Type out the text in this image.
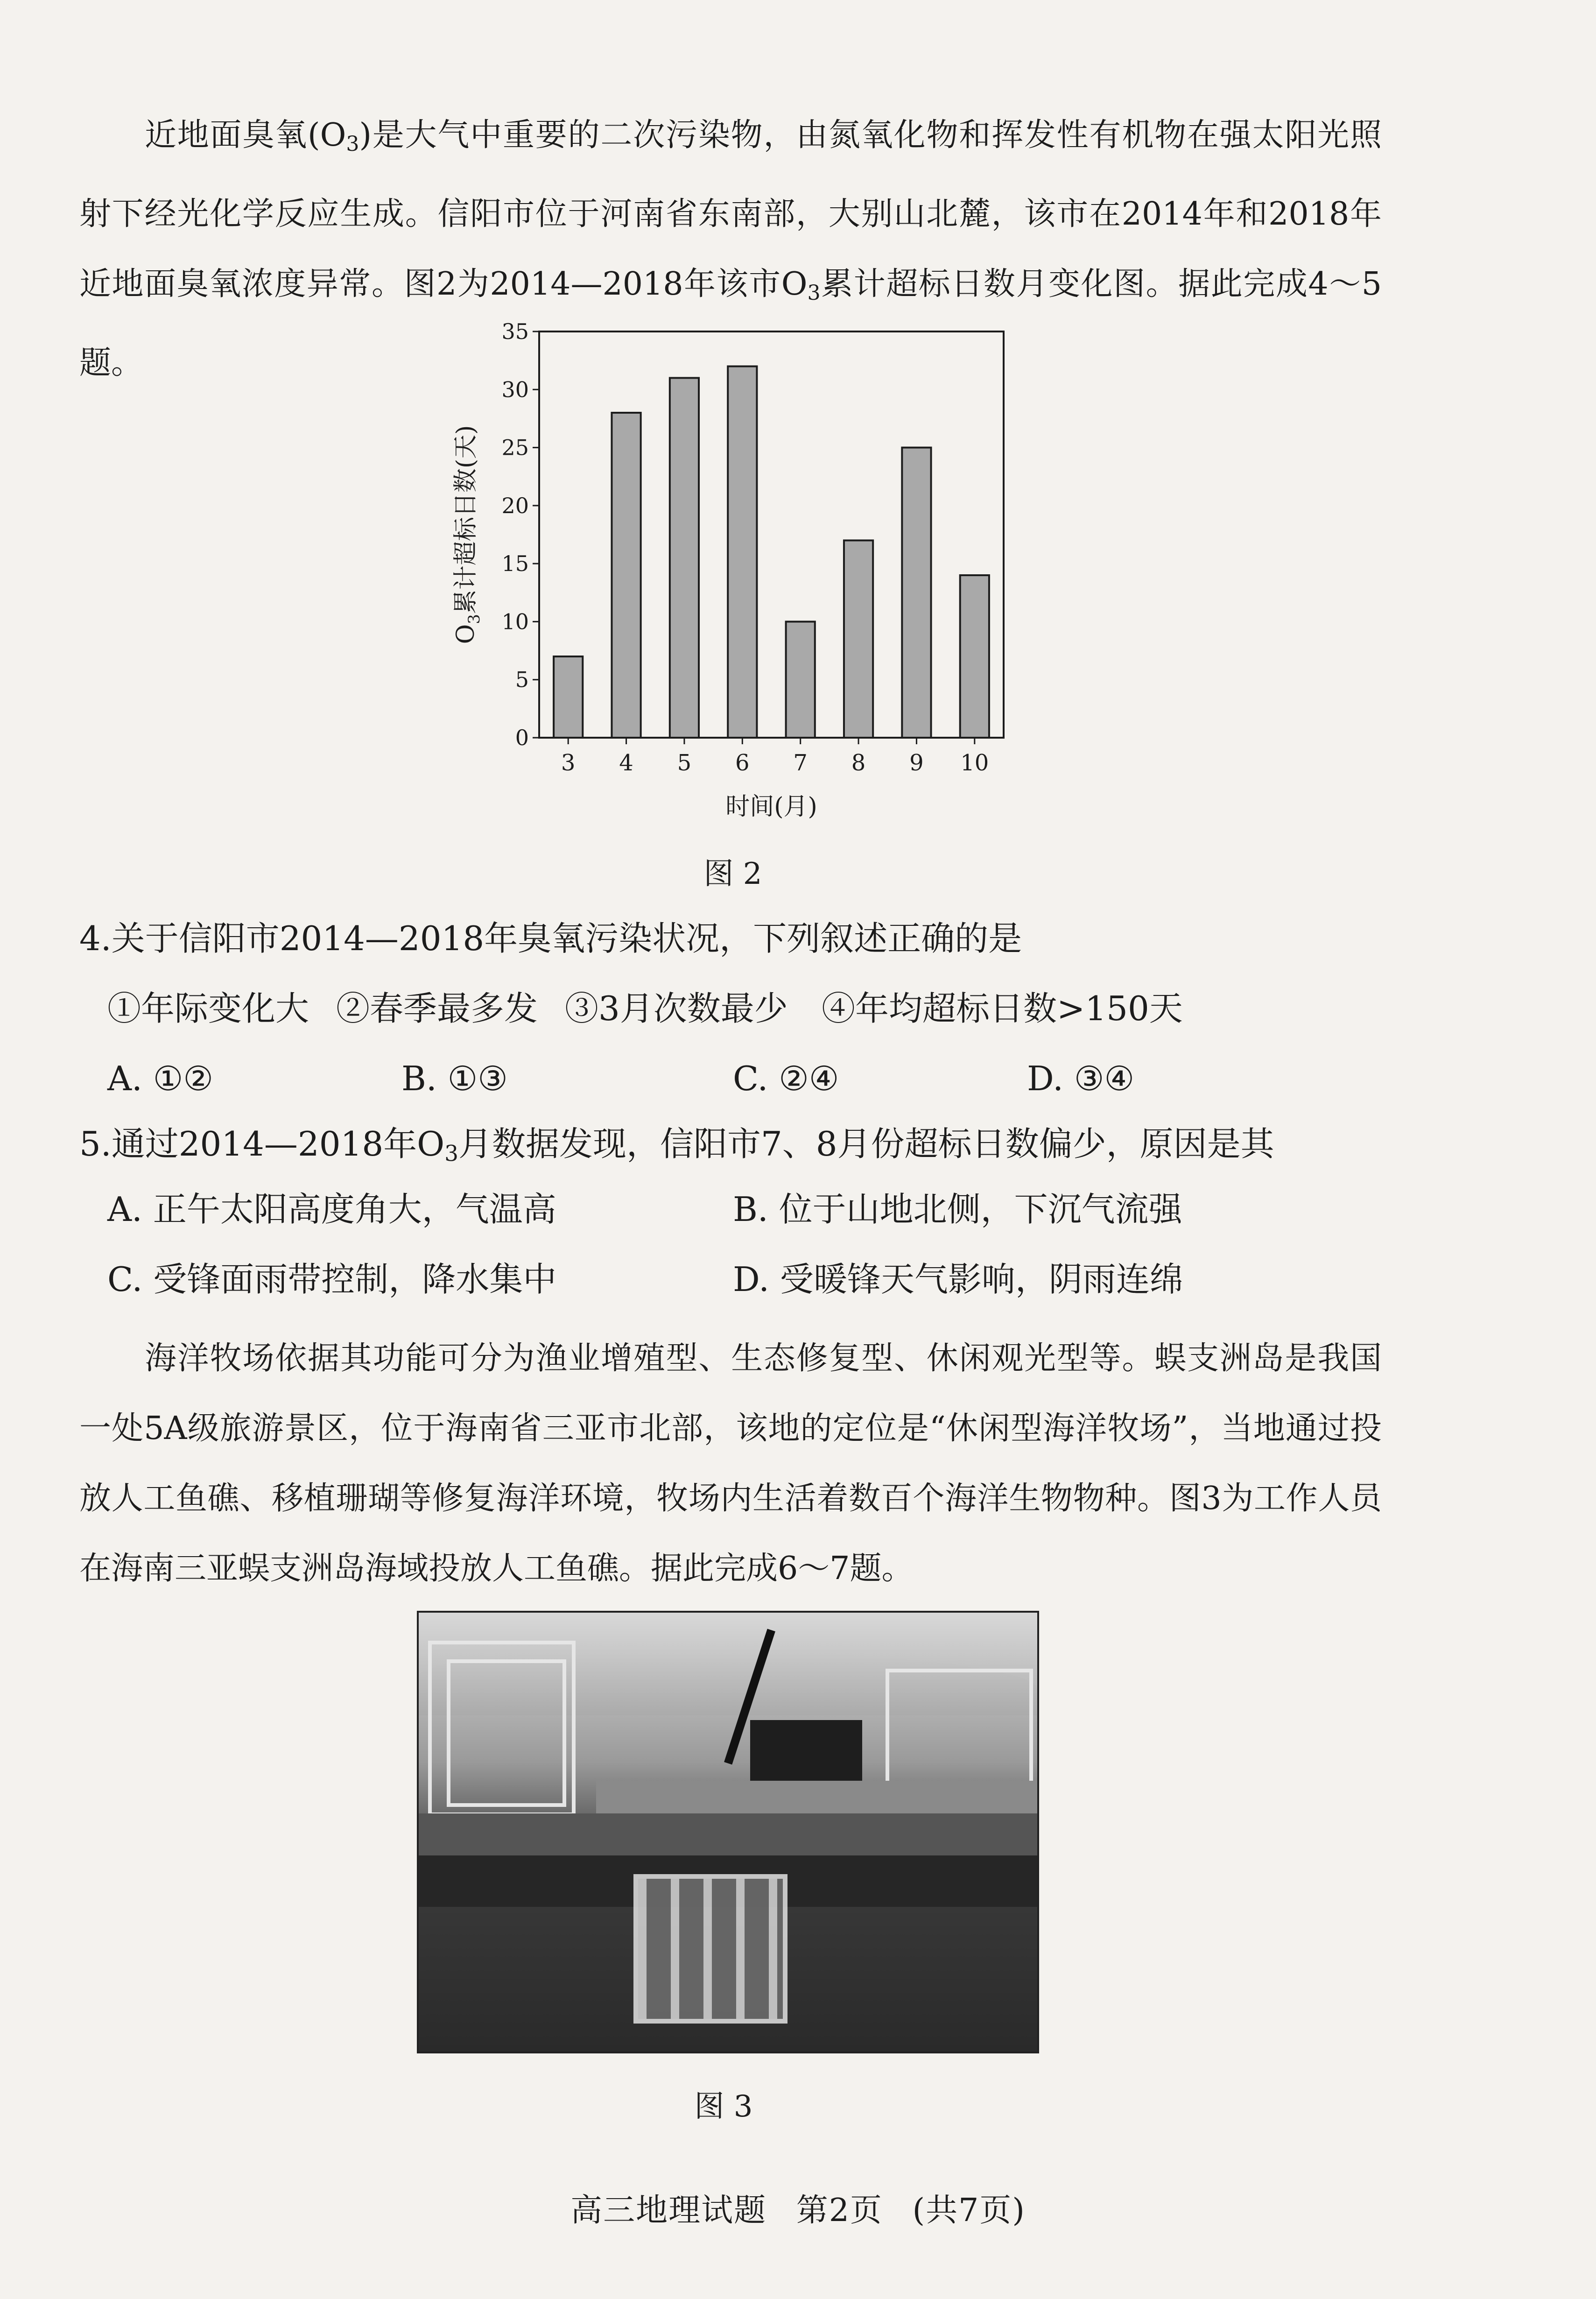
近地面臭氧$(O_3)$是大气中重要的二次污染物，由氮氧化物和挥发性有机物在强太阳光照射下经光化学反应生成。信阳市位于河南省东南部，大别山北麓，该市在2014年和2018年近地面臭氧浓度异常。图2为2014—2018年该市$O_3$累计超标日数月变化图。据此完成4～5题。
0
5
10
15
20
25
30
35
3 4 5 6 7 8 9 10
时间(月)
$O_3$累计超标日数(天)
图 2
4.关于信阳市2014—2018年臭氧污染状况，下列叙述正确的是
①年际变化大 ②春季最多发 ③3月次数最少 ④年均超标日数>150天
A. ①②	B. ①③	C. ②④	D. ③④
5.通过2014—2018年$O_3$月数据发现，信阳市7、8月份超标日数偏少，原因是其
A. 正午太阳高度角大，气温高	B. 位于山地北侧，下沉气流强
C. 受锋面雨带控制，降水集中	D. 受暖锋天气影响，阴雨连绵
海洋牧场依据其功能可分为渔业增殖型、生态修复型、休闲观光型等。蜈支洲岛是我国一处5A级旅游景区，位于海南省三亚市北部，该地的定位是“休闲型海洋牧场”，当地通过投放人工鱼礁、移植珊瑚等修复海洋环境，牧场内生活着数百个海洋生物物种。图3为工作人员在海南三亚蜈支洲岛海域投放人工鱼礁。据此完成6～7题。
图 3
高三地理试题 第2页 (共7页)
